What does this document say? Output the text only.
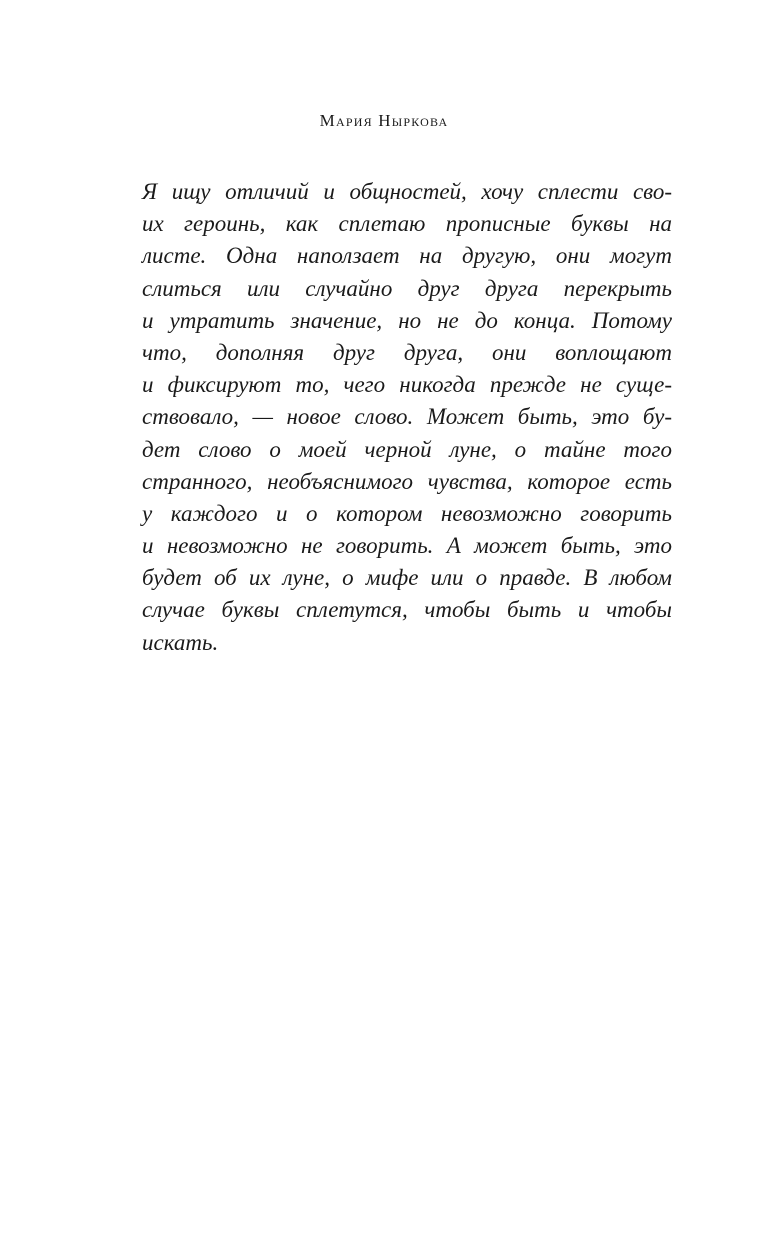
Мария Ныркова
Я ищу отличий и общностей, хочу сплести сво-
их героинь, как сплетаю прописные буквы на
листе. Одна наползает на другую, они могут
слиться или случайно друг друга перекрыть
и утратить значение, но не до конца. Потому
что, дополняя друг друга, они воплощают
и фиксируют то, чего никогда прежде не суще-
ствовало, — новое слово. Может быть, это бу-
дет слово о моей черной луне, о тайне того
странного, необъяснимого чувства, которое есть
у каждого и о котором невозможно говорить
и невозможно не говорить. А может быть, это
будет об их луне, о мифе или о правде. В любом
случае буквы сплетутся, чтобы быть и чтобы
искать.
